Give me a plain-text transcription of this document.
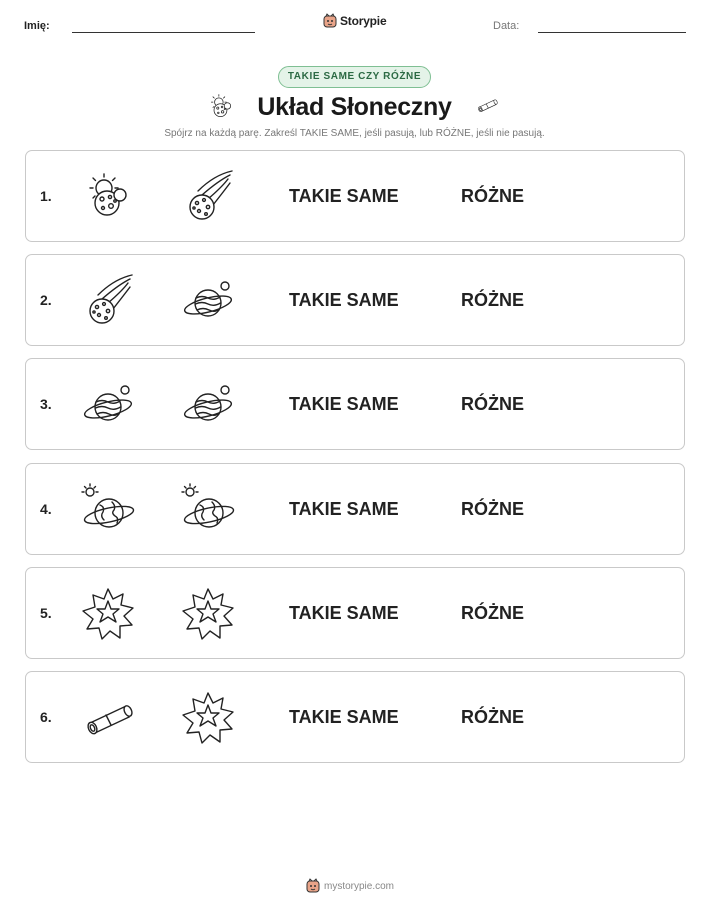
Imię:	Storypie	Data:
TAKIE SAME CZY RÓŻNE
Układ Słoneczny
Spójrz na każdą parę. Zakreśl TAKIE SAME, jeśli pasują, lub RÓŻNE, jeśli nie pasują.
1.	TAKIE SAME	RÓŻNE
2.	TAKIE SAME	RÓŻNE
3.	TAKIE SAME	RÓŻNE
4.	TAKIE SAME	RÓŻNE
5.	TAKIE SAME	RÓŻNE
6.	TAKIE SAME	RÓŻNE
mystorypie.com
